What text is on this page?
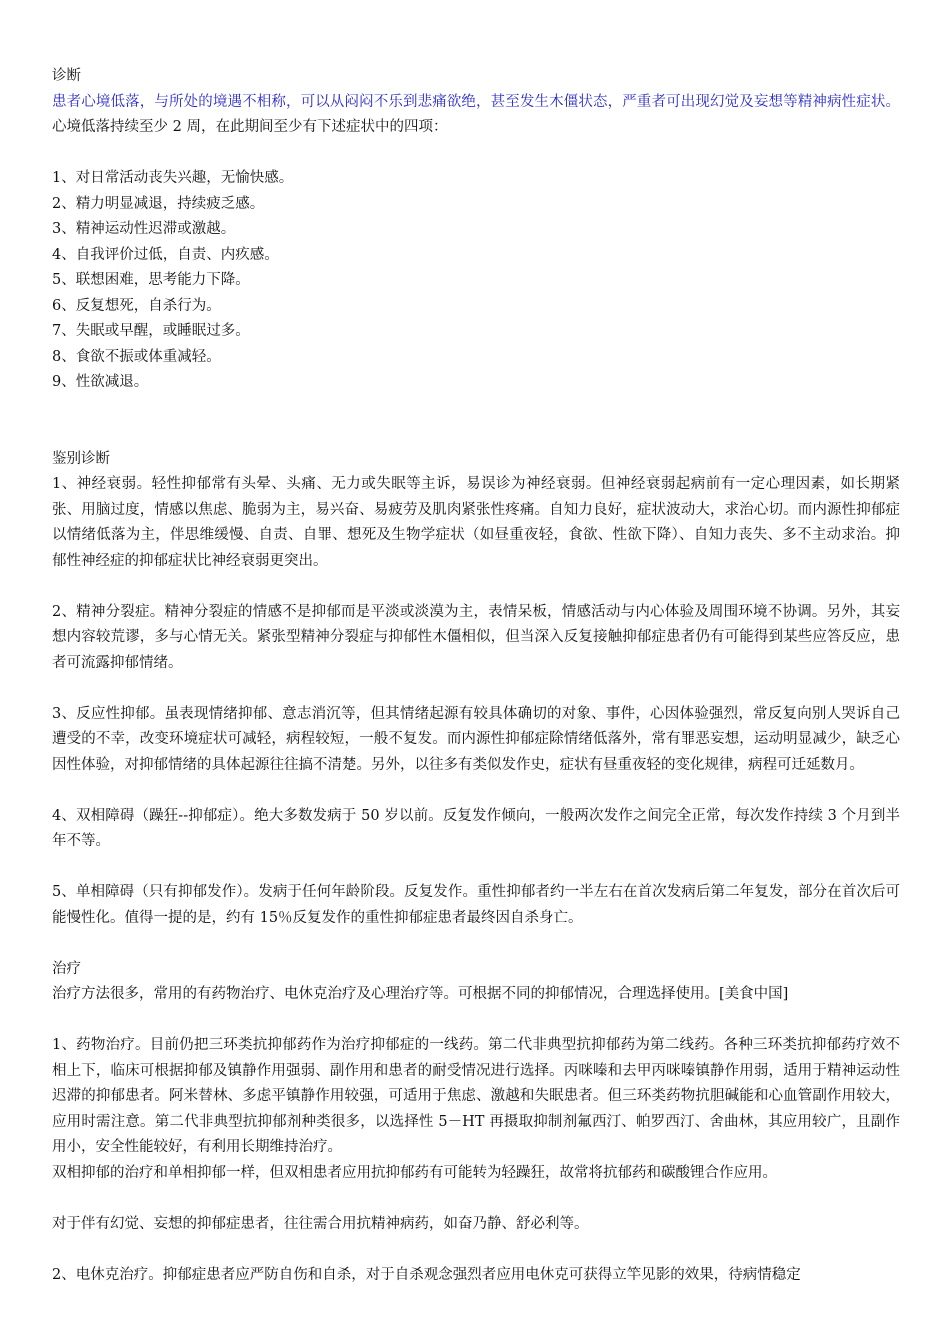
诊断

患者心境低落，与所处的境遇不相称，可以从闷闷不乐到悲痛欲绝，甚至发生木僵状态，严重者可出现幻觉及妄想等精神病性症状。心境低落持续至少 2 周，在此期间至少有下述症状中的四项：

1、对日常活动丧失兴趣，无愉快感。
2、精力明显减退，持续疲乏感。
3、精神运动性迟滞或激越。
4、自我评价过低，自责、内疚感。
5、联想困难，思考能力下降。
6、反复想死，自杀行为。
7、失眠或早醒，或睡眠过多。
8、食欲不振或体重减轻。
9、性欲减退。
鉴别诊断

1、神经衰弱。轻性抑郁常有头晕、头痛、无力或失眠等主诉，易误诊为神经衰弱。但神经衰弱起病前有一定心理因素，如长期紧张、用脑过度，情感以焦虑、脆弱为主，易兴奋、易疲劳及肌肉紧张性疼痛。自知力良好，症状波动大，求治心切。而内源性抑郁症以情绪低落为主，伴思维缓慢、自责、自罪、想死及生物学症状（如昼重夜轻，食欲、性欲下降）、自知力丧失、多不主动求治。抑郁性神经症的抑郁症状比神经衰弱更突出。

2、精神分裂症。精神分裂症的情感不是抑郁而是平淡或淡漠为主，表情呆板，情感活动与内心体验及周围环境不协调。另外，其妄想内容较荒谬，多与心情无关。紧张型精神分裂症与抑郁性木僵相似，但当深入反复接触抑郁症患者仍有可能得到某些应答反应，患者可流露抑郁情绪。

3、反应性抑郁。虽表现情绪抑郁、意志消沉等，但其情绪起源有较具体确切的对象、事件，心因体验强烈，常反复向别人哭诉自己遭受的不幸，改变环境症状可减轻，病程较短，一般不复发。而内源性抑郁症除情绪低落外，常有罪恶妄想，运动明显减少，缺乏心因性体验，对抑郁情绪的具体起源往往搞不清楚。另外，以往多有类似发作史，症状有昼重夜轻的变化规律，病程可迁延数月。

4、双相障碍（躁狂--抑郁症）。绝大多数发病于 50 岁以前。反复发作倾向，一般两次发作之间完全正常，每次发作持续 3 个月到半年不等。

5、单相障碍（只有抑郁发作）。发病于任何年龄阶段。反复发作。重性抑郁者约一半左右在首次发病后第二年复发，部分在首次后可能慢性化。值得一提的是，约有 15％反复发作的重性抑郁症患者最终因自杀身亡。

治疗

治疗方法很多，常用的有药物治疗、电休克治疗及心理治疗等。可根据不同的抑郁情况，合理选择使用。[美食中国]

1、药物治疗。目前仍把三环类抗抑郁药作为治疗抑郁症的一线药。第二代非典型抗抑郁药为第二线药。各种三环类抗抑郁药疗效不相上下，临床可根据抑郁及镇静作用强弱、副作用和患者的耐受情况进行选择。丙咪嗪和去甲丙咪嗪镇静作用弱，适用于精神运动性迟滞的抑郁患者。阿米替林、多虑平镇静作用较强，可适用于焦虑、激越和失眠患者。但三环类药物抗胆碱能和心血管副作用较大，应用时需注意。第二代非典型抗抑郁剂种类很多，以选择性 5－HT 再摄取抑制剂氟西汀、帕罗西汀、舍曲林，其应用较广，且副作用小，安全性能较好，有利用长期维持治疗。

双相抑郁的治疗和单相抑郁一样，但双相患者应用抗抑郁药有可能转为轻躁狂，故常将抗郁药和碳酸锂合作应用。

对于伴有幻觉、妄想的抑郁症患者，往往需合用抗精神病药，如奋乃静、舒必利等。

2、电休克治疗。抑郁症患者应严防自伤和自杀，对于自杀观念强烈者应用电休克可获得立竿见影的效果，待病情稳定
